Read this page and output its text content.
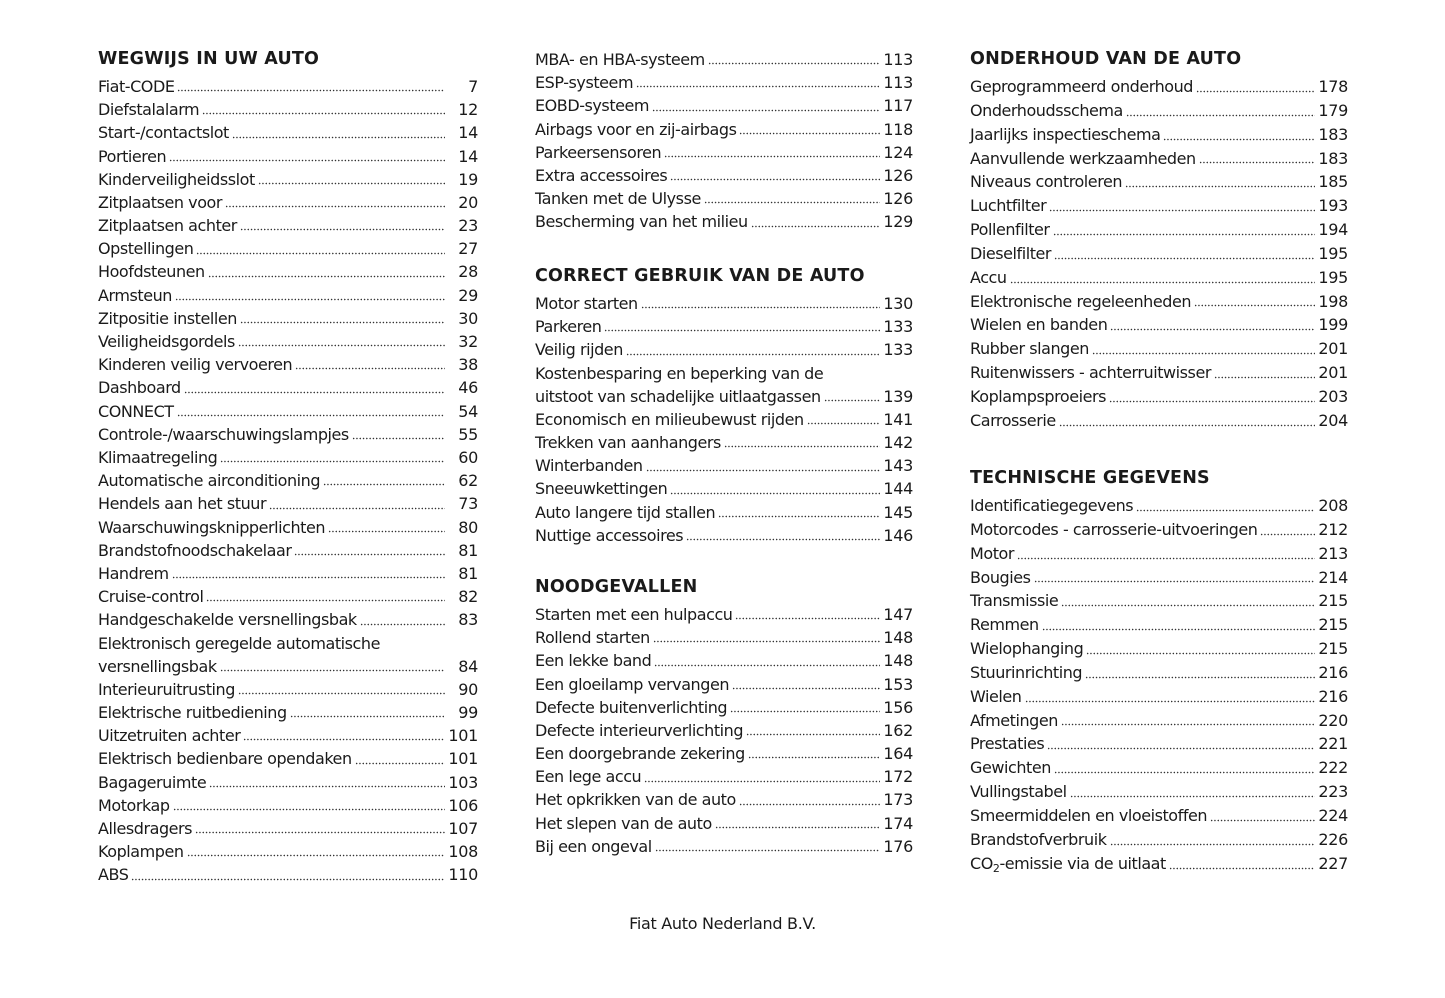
WEGWIJS IN UW AUTO
Fiat-CODE	7
Diefstalalarm	12
Start-/contactslot	14
Portieren	14
Kinderveiligheidsslot	19
Zitplaatsen voor	20
Zitplaatsen achter	23
Opstellingen	27
Hoofdsteunen	28
Armsteun	29
Zitpositie instellen	30
Veiligheidsgordels	32
Kinderen veilig vervoeren	38
Dashboard	46
CONNECT	54
Controle-/waarschuwingslampjes	55
Klimaatregeling	60
Automatische airconditioning	62
Hendels aan het stuur	73
Waarschuwingsknipperlichten	80
Brandstofnoodschakelaar	81
Handrem	81
Cruise-control	82
Handgeschakelde versnellingsbak	83
Elektronisch geregelde automatische
versnellingsbak	84
Interieuruitrusting	90
Elektrische ruitbediening	99
Uitzetruiten achter	101
Elektrisch bedienbare opendaken	101
Bagageruimte	103
Motorkap	106
Allesdragers	107
Koplampen	108
ABS	110
MBA- en HBA-systeem	113
ESP-systeem	113
EOBD-systeem	117
Airbags voor en zij-airbags	118
Parkeersensoren	124
Extra accessoires	126
Tanken met de Ulysse	126
Bescherming van het milieu	129
CORRECT GEBRUIK VAN DE AUTO
Motor starten	130
Parkeren	133
Veilig rijden	133
Kostenbesparing en beperking van de
uitstoot van schadelijke uitlaatgassen	139
Economisch en milieubewust rijden	141
Trekken van aanhangers	142
Winterbanden	143
Sneeuwkettingen	144
Auto langere tijd stallen	145
Nuttige accessoires	146
NOODGEVALLEN
Starten met een hulpaccu	147
Rollend starten	148
Een lekke band	148
Een gloeilamp vervangen	153
Defecte buitenverlichting	156
Defecte interieurverlichting	162
Een doorgebrande zekering	164
Een lege accu	172
Het opkrikken van de auto	173
Het slepen van de auto	174
Bij een ongeval	176
ONDERHOUD VAN DE AUTO
Geprogrammeerd onderhoud	178
Onderhoudsschema	179
Jaarlijks inspectieschema	183
Aanvullende werkzaamheden	183
Niveaus controleren	185
Luchtfilter	193
Pollenfilter	194
Dieselfilter	195
Accu	195
Elektronische regeleenheden	198
Wielen en banden	199
Rubber slangen	201
Ruitenwissers - achterruitwisser	201
Koplampsproeiers	203
Carrosserie	204
TECHNISCHE GEGEVENS
Identificatiegegevens	208
Motorcodes - carrosserie-uitvoeringen	212
Motor	213
Bougies	214
Transmissie	215
Remmen	215
Wielophanging	215
Stuurinrichting	216
Wielen	216
Afmetingen	220
Prestaties	221
Gewichten	222
Vullingstabel	223
Smeermiddelen en vloeistoffen	224
Brandstofverbruik	226
$CO_2$-emissie via de uitlaat	227
Fiat Auto Nederland B.V.
